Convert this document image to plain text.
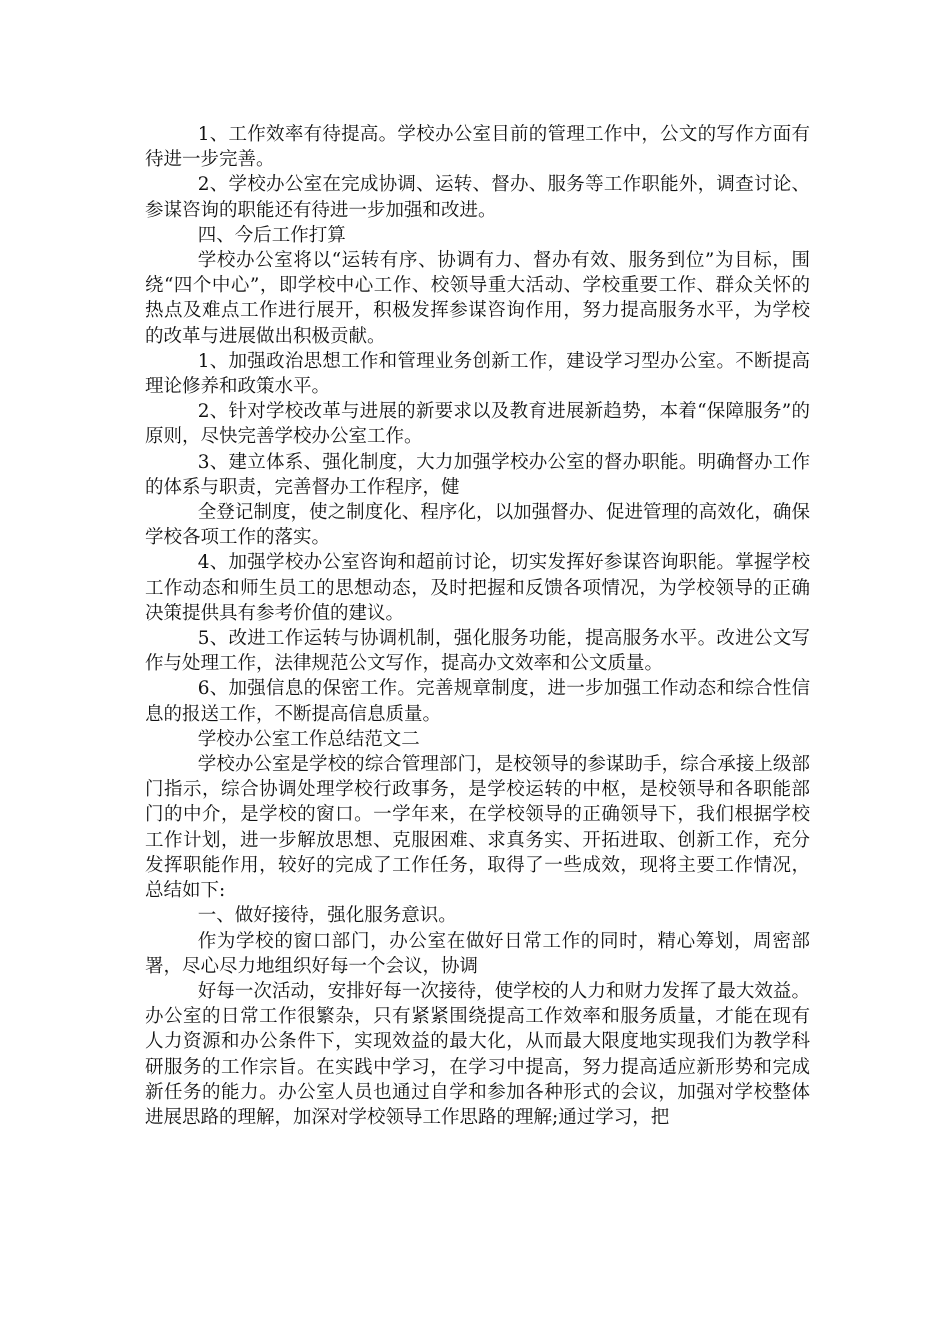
1、工作效率有待提高。学校办公室目前的管理工作中，公文的写作方面有待进一步完善。

2、学校办公室在完成协调、运转、督办、服务等工作职能外，调查讨论、参谋咨询的职能还有待进一步加强和改进。

四、今后工作打算

学校办公室将以“运转有序、协调有力、督办有效、服务到位”为目标，围绕“四个中心”，即学校中心工作、校领导重大活动、学校重要工作、群众关怀的热点及难点工作进行展开，积极发挥参谋咨询作用，努力提高服务水平，为学校的改革与进展做出积极贡献。

1、加强政治思想工作和管理业务创新工作，建设学习型办公室。不断提高理论修养和政策水平。

2、针对学校改革与进展的新要求以及教育进展新趋势，本着“保障服务”的原则，尽快完善学校办公室工作。

3、建立体系、强化制度，大力加强学校办公室的督办职能。明确督办工作的体系与职责，完善督办工作程序，健

全登记制度，使之制度化、程序化，以加强督办、促进管理的高效化，确保学校各项工作的落实。

4、加强学校办公室咨询和超前讨论，切实发挥好参谋咨询职能。掌握学校工作动态和师生员工的思想动态，及时把握和反馈各项情况，为学校领导的正确决策提供具有参考价值的建议。

5、改进工作运转与协调机制，强化服务功能，提高服务水平。改进公文写作与处理工作，法律规范公文写作，提高办文效率和公文质量。

6、加强信息的保密工作。完善规章制度，进一步加强工作动态和综合性信息的报送工作，不断提高信息质量。

学校办公室工作总结范文二

学校办公室是学校的综合管理部门，是校领导的参谋助手，综合承接上级部门指示，综合协调处理学校行政事务，是学校运转的中枢，是校领导和各职能部门的中介，是学校的窗口。一学年来，在学校领导的正确领导下，我们根据学校工作计划，进一步解放思想、克服困难、求真务实、开拓进取、创新工作，充分发挥职能作用，较好的完成了工作任务，取得了一些成效，现将主要工作情况，总结如下:

一、做好接待，强化服务意识。

作为学校的窗口部门，办公室在做好日常工作的同时，精心筹划，周密部署，尽心尽力地组织好每一个会议，协调

好每一次活动，安排好每一次接待，使学校的人力和财力发挥了最大效益。办公室的日常工作很繁杂，只有紧紧围绕提高工作效率和服务质量，才能在现有人力资源和办公条件下，实现效益的最大化，从而最大限度地实现我们为教学科研服务的工作宗旨。在实践中学习，在学习中提高，努力提高适应新形势和完成新任务的能力。办公室人员也通过自学和参加各种形式的会议，加强对学校整体进展思路的理解，加深对学校领导工作思路的理解;通过学习，把
